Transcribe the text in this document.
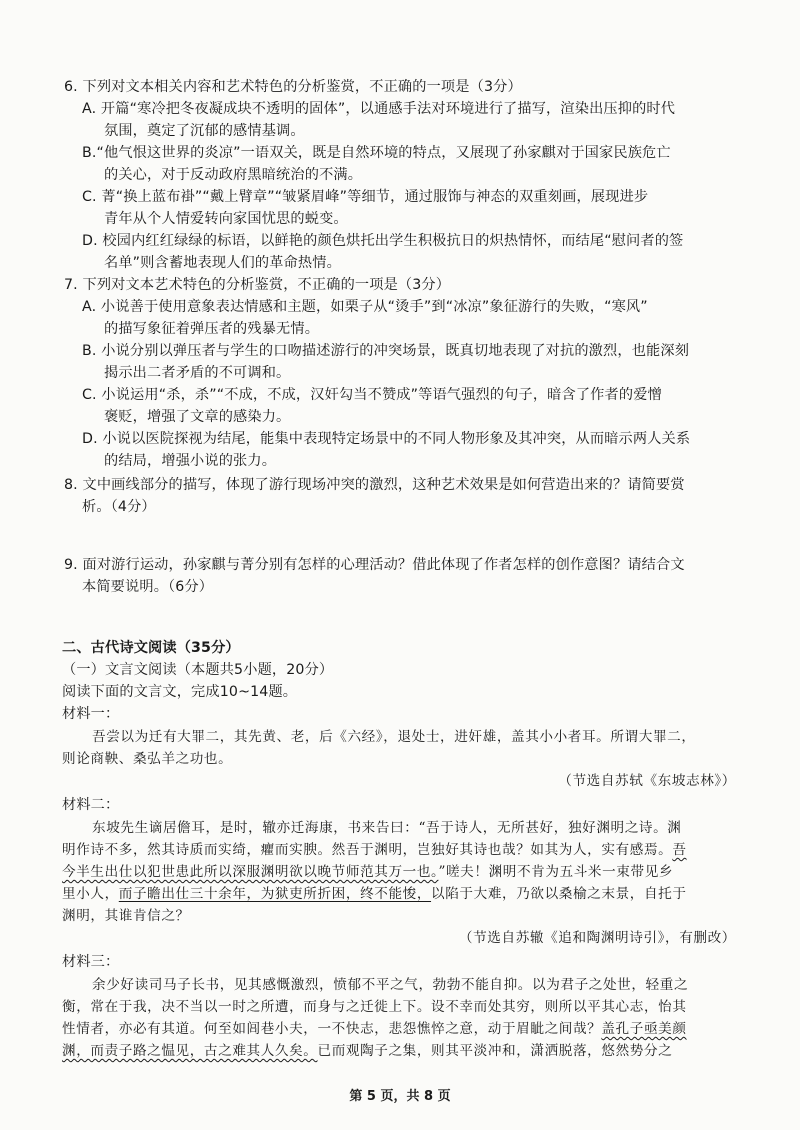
6. 下列对文本相关内容和艺术特色的分析鉴赏，不正确的一项是（3分）
A. 开篇“寒冷把冬夜凝成块不透明的固体”，以通感手法对环境进行了描写，渲染出压抑的时代
氛围，奠定了沉郁的感情基调。
B.“他气恨这世界的炎凉”一语双关，既是自然环境的特点，又展现了孙家麒对于国家民族危亡
的关心，对于反动政府黑暗统治的不满。
C. 菁“换上蓝布褂”“戴上臂章”“皱紧眉峰”等细节，通过服饰与神态的双重刻画，展现进步
青年从个人情爱转向家国忧思的蜕变。
D. 校园内红红绿绿的标语，以鲜艳的颜色烘托出学生积极抗日的炽热情怀，而结尾“慰问者的签
名单”则含蓄地表现人们的革命热情。
7. 下列对文本艺术特色的分析鉴赏，不正确的一项是（3分）
A. 小说善于使用意象表达情感和主题，如栗子从“烫手”到“冰凉”象征游行的失败，“寒风”
的描写象征着弹压者的残暴无情。
B. 小说分别以弹压者与学生的口吻描述游行的冲突场景，既真切地表现了对抗的激烈，也能深刻
揭示出二者矛盾的不可调和。
C. 小说运用“杀，杀”“不成，不成，汉奸勾当不赞成”等语气强烈的句子，暗含了作者的爱憎
褒贬，增强了文章的感染力。
D. 小说以医院探视为结尾，能集中表现特定场景中的不同人物形象及其冲突，从而暗示两人关系
的结局，增强小说的张力。
8. 文中画线部分的描写，体现了游行现场冲突的激烈，这种艺术效果是如何营造出来的？请简要赏
析。（4分）
9. 面对游行运动，孙家麒与菁分别有怎样的心理活动？借此体现了作者怎样的创作意图？请结合文
本简要说明。（6分）
二、古代诗文阅读（35分）
（一）文言文阅读（本题共5小题，20分）
阅读下面的文言文，完成10~14题。
材料一：
吾尝以为迁有大罪二，其先黄、老，后《六经》，退处士，进奸雄，盖其小小者耳。所谓大罪二，
则论商鞅、桑弘羊之功也。
（节选自苏轼《东坡志林》）
材料二：
东坡先生谪居儋耳，是时，辙亦迁海康，书来告曰：“吾于诗人，无所甚好，独好渊明之诗。渊
明作诗不多，然其诗质而实绮，癯而实腴。然吾于渊明，岂独好其诗也哉？如其为人，实有感焉。吾
今半生出仕以犯世患此所以深服渊明欲以晚节师范其万一也。”嗟夫！渊明不肯为五斗米一束带见乡
里小人，而子瞻出仕三十余年，为狱吏所折困，终不能悛，以陷于大难，乃欲以桑榆之末景，自托于
渊明，其谁肯信之？
（节选自苏辙《追和陶渊明诗引》，有删改）
材料三：
余少好读司马子长书，见其感慨激烈，愤郁不平之气，勃勃不能自抑。以为君子之处世，轻重之
衡，常在于我，决不当以一时之所遭，而身与之迁徙上下。设不幸而处其穷，则所以平其心志，怡其
性情者，亦必有其道。何至如闾巷小夫，一不快志，悲怨憔悴之意，动于眉眦之间哉？盖孔子亟美颜
渊，而责子路之愠见，古之难其人久矣。已而观陶子之集，则其平淡冲和，潇洒脱落，悠然势分之
第 5 页，共 8 页
